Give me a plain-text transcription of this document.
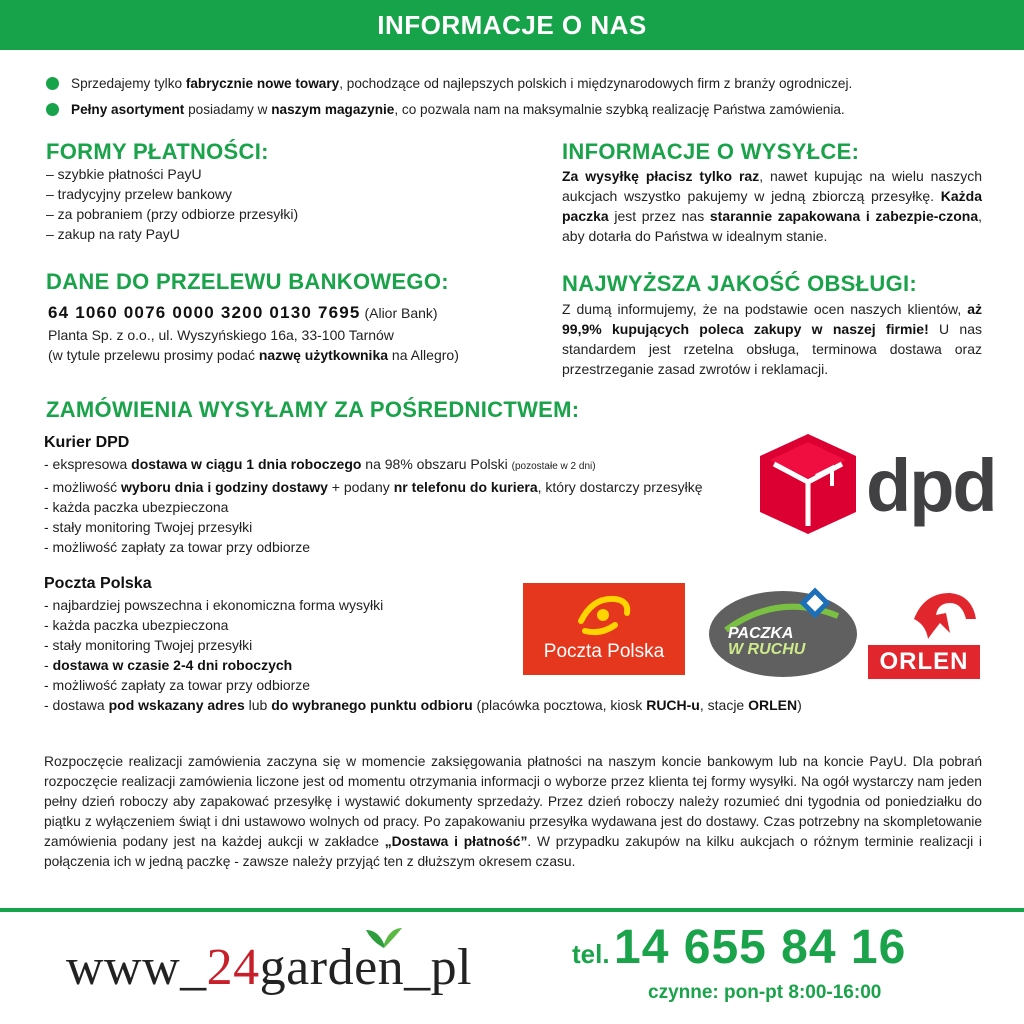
INFORMACJE O NAS
Sprzedajemy tylko fabrycznie nowe towary, pochodzące od najlepszych polskich i międzynarodowych firm z branży ogrodniczej.
Pełny asortyment posiadamy w naszym magazynie, co pozwala nam na maksymalnie szybką realizację Państwa zamówienia.
FORMY PŁATNOŚCI:
– szybkie płatności PayU
– tradycyjny przelew bankowy
– za pobraniem (przy odbiorze przesyłki)
– zakup na raty PayU
INFORMACJE O WYSYŁCE:
Za wysyłkę płacisz tylko raz, nawet kupując na wielu naszych aukcjach wszystko pakujemy w jedną zbiorczą przesyłkę. Każda paczka jest przez nas starannie zapakowana i zabezpie-czona, aby dotarła do Państwa w idealnym stanie.
DANE DO PRZELEWU BANKOWEGO:
64 1060 0076 0000 3200 0130 7695 (Alior Bank)
Planta Sp. z o.o., ul. Wyszyńskiego 16a, 33-100 Tarnów
(w tytule przelewu prosimy podać nazwę użytkownika na Allegro)
NAJWYŻSZA JAKOŚĆ OBSŁUGI:
Z dumą informujemy, że na podstawie ocen naszych klientów, aż 99,9% kupujących poleca zakupy w naszej firmie! U nas standardem jest rzetelna obsługa, terminowa dostawa oraz przestrzeganie zasad zwrotów i reklamacji.
ZAMÓWIENIA WYSYŁAMY ZA POŚREDNICTWEM:
Kurier DPD
- ekspresowa dostawa w ciągu 1 dnia roboczego na 98% obszaru Polski (pozostałe w 2 dni)
- możliwość wyboru dnia i godziny dostawy + podany nr telefonu do kuriera, który dostarczy przesyłkę
- każda paczka ubezpieczona
- stały monitoring Twojej przesyłki
- możliwość zapłaty za towar przy odbiorze
dpd
Poczta Polska
- najbardziej powszechna i ekonomiczna forma wysyłki
- każda paczka ubezpieczona
- stały monitoring Twojej przesyłki
- dostawa w czasie 2-4 dni roboczych
- możliwość zapłaty za towar przy odbiorze
- dostawa pod wskazany adres lub do wybranego punktu odbioru (placówka pocztowa, kiosk RUCH-u, stacje ORLEN)
Poczta Polska
PACZKA
W RUCHU	ORLEN
Rozpoczęcie realizacji zamówienia zaczyna się w momencie zaksięgowania płatności na naszym koncie bankowym lub na koncie PayU. Dla pobrań rozpoczęcie realizacji zamówienia liczone jest od momentu otrzymania informacji o wyborze przez klienta tej formy wysyłki. Na ogół wystarczy nam jeden pełny dzień roboczy aby zapakować przesyłkę i wystawić dokumenty sprzedaży. Przez dzień roboczy należy rozumieć dni tygodnia od poniedziałku do piątku z wyłączeniem świąt i dni ustawowo wolnych od pracy. Po zapakowaniu przesyłka wydawana jest do dostawy. Czas potrzebny na skompletowanie zamówienia podany jest na każdej aukcji w zakładce „Dostawa i płatność”. W przypadku zakupów na kilku aukcjach o różnym terminie realizacji i połączenia ich w jedną paczkę - zawsze należy przyjąć ten z dłuższym okresem czasu.
www_24garden_pl	tel. 14 655 84 16
czynne: pon-pt 8:00-16:00
